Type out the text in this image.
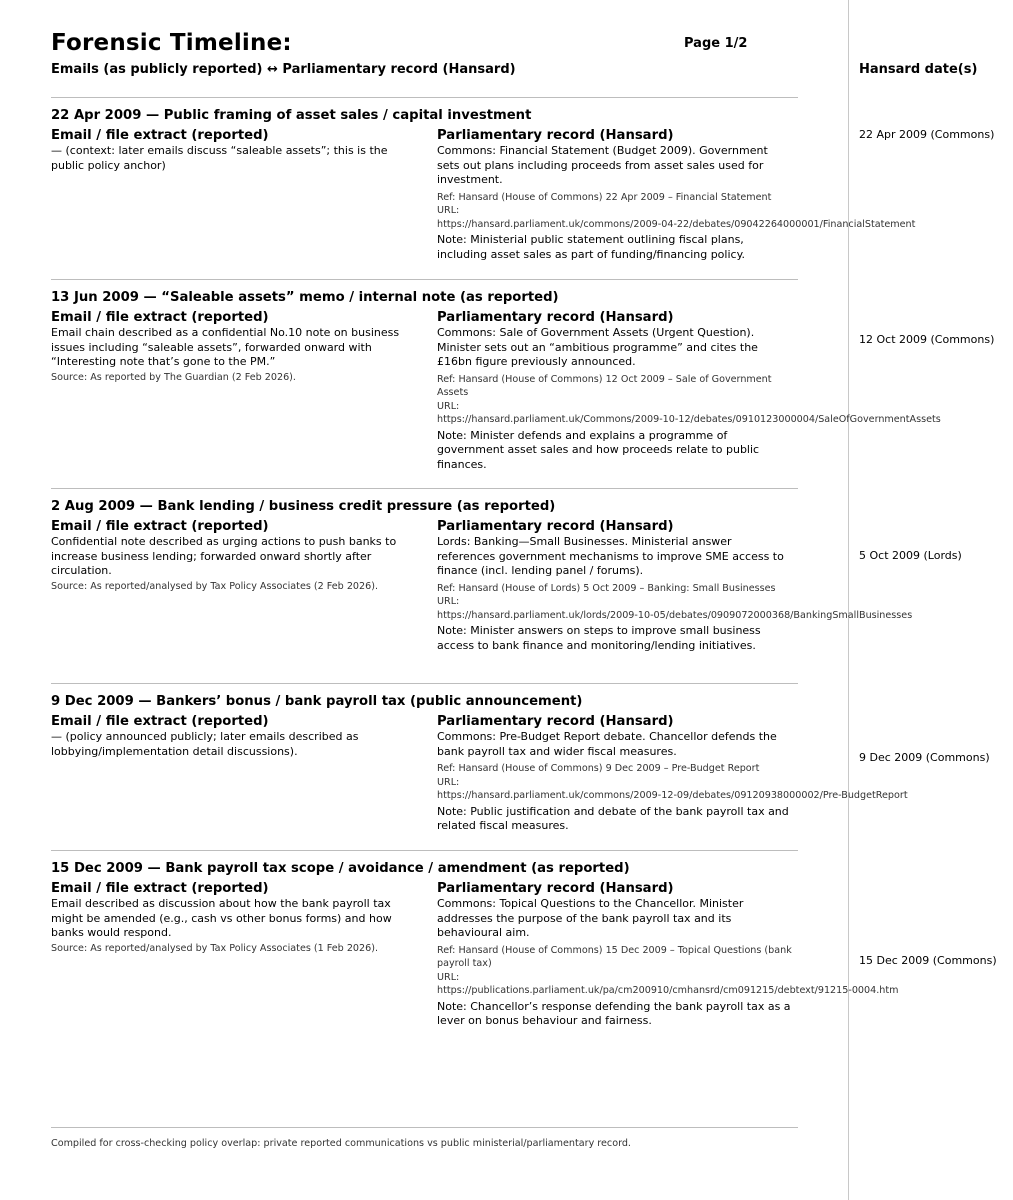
Forensic Timeline:	Page 1/2
Emails (as publicly reported) ↔ Parliamentary record (Hansard)	Hansard date(s)
22 Apr 2009 — Public framing of asset sales / capital investment
Email / file extract (reported)

— (context: later emails discuss “saleable assets”; this is the public policy anchor)

Parliamentary record (Hansard)

Commons: Financial Statement (Budget 2009). Government sets out plans including proceeds from asset sales used for investment.

Ref: Hansard (House of Commons) 22 Apr 2009 – Financial Statement

URL:

https://hansard.parliament.uk/commons/2009-04-22/debates/09042264000001/FinancialStatement

Note: Ministerial public statement outlining fiscal plans, including asset sales as part of funding/financing policy.

22 Apr 2009 (Commons)
13 Jun 2009 — “Saleable assets” memo / internal note (as reported)
Email / file extract (reported)

Email chain described as a confidential No.10 note on business issues including “saleable assets”, forwarded onward with “Interesting note that’s gone to the PM.”

Source: As reported by The Guardian (2 Feb 2026).

Parliamentary record (Hansard)

Commons: Sale of Government Assets (Urgent Question). Minister sets out an “ambitious programme” and cites the £16bn figure previously announced.

Ref: Hansard (House of Commons) 12 Oct 2009 – Sale of Government Assets

URL:

https://hansard.parliament.uk/Commons/2009-10-12/debates/0910123000004/SaleOfGovernmentAssets

Note: Minister defends and explains a programme of government asset sales and how proceeds relate to public finances.

12 Oct 2009 (Commons)
2 Aug 2009 — Bank lending / business credit pressure (as reported)
Email / file extract (reported)

Confidential note described as urging actions to push banks to increase business lending; forwarded onward shortly after circulation.

Source: As reported/analysed by Tax Policy Associates (2 Feb 2026).

Parliamentary record (Hansard)

Lords: Banking—Small Businesses. Ministerial answer references government mechanisms to improve SME access to finance (incl. lending panel / forums).

Ref: Hansard (House of Lords) 5 Oct 2009 – Banking: Small Businesses

URL:

https://hansard.parliament.uk/lords/2009-10-05/debates/0909072000368/BankingSmallBusinesses

Note: Minister answers on steps to improve small business access to bank finance and monitoring/lending initiatives.

5 Oct 2009 (Lords)
9 Dec 2009 — Bankers’ bonus / bank payroll tax (public announcement)
Email / file extract (reported)

— (policy announced publicly; later emails described as lobbying/implementation detail discussions).

Parliamentary record (Hansard)

Commons: Pre-Budget Report debate. Chancellor defends the bank payroll tax and wider fiscal measures.

Ref: Hansard (House of Commons) 9 Dec 2009 – Pre-Budget Report

URL:

https://hansard.parliament.uk/commons/2009-12-09/debates/09120938000002/Pre-BudgetReport

Note: Public justification and debate of the bank payroll tax and related fiscal measures.

9 Dec 2009 (Commons)
15 Dec 2009 — Bank payroll tax scope / avoidance / amendment (as reported)
Email / file extract (reported)

Email described as discussion about how the bank payroll tax might be amended (e.g., cash vs other bonus forms) and how banks would respond.

Source: As reported/analysed by Tax Policy Associates (1 Feb 2026).

Parliamentary record (Hansard)

Commons: Topical Questions to the Chancellor. Minister addresses the purpose of the bank payroll tax and its behavioural aim.

Ref: Hansard (House of Commons) 15 Dec 2009 – Topical Questions (bank payroll tax)

URL:

https://publications.parliament.uk/pa/cm200910/cmhansrd/cm091215/debtext/91215-0004.htm

Note: Chancellor’s response defending the bank payroll tax as a lever on bonus behaviour and fairness.

15 Dec 2009 (Commons)
Compiled for cross-checking policy overlap: private reported communications vs public ministerial/parliamentary record.
